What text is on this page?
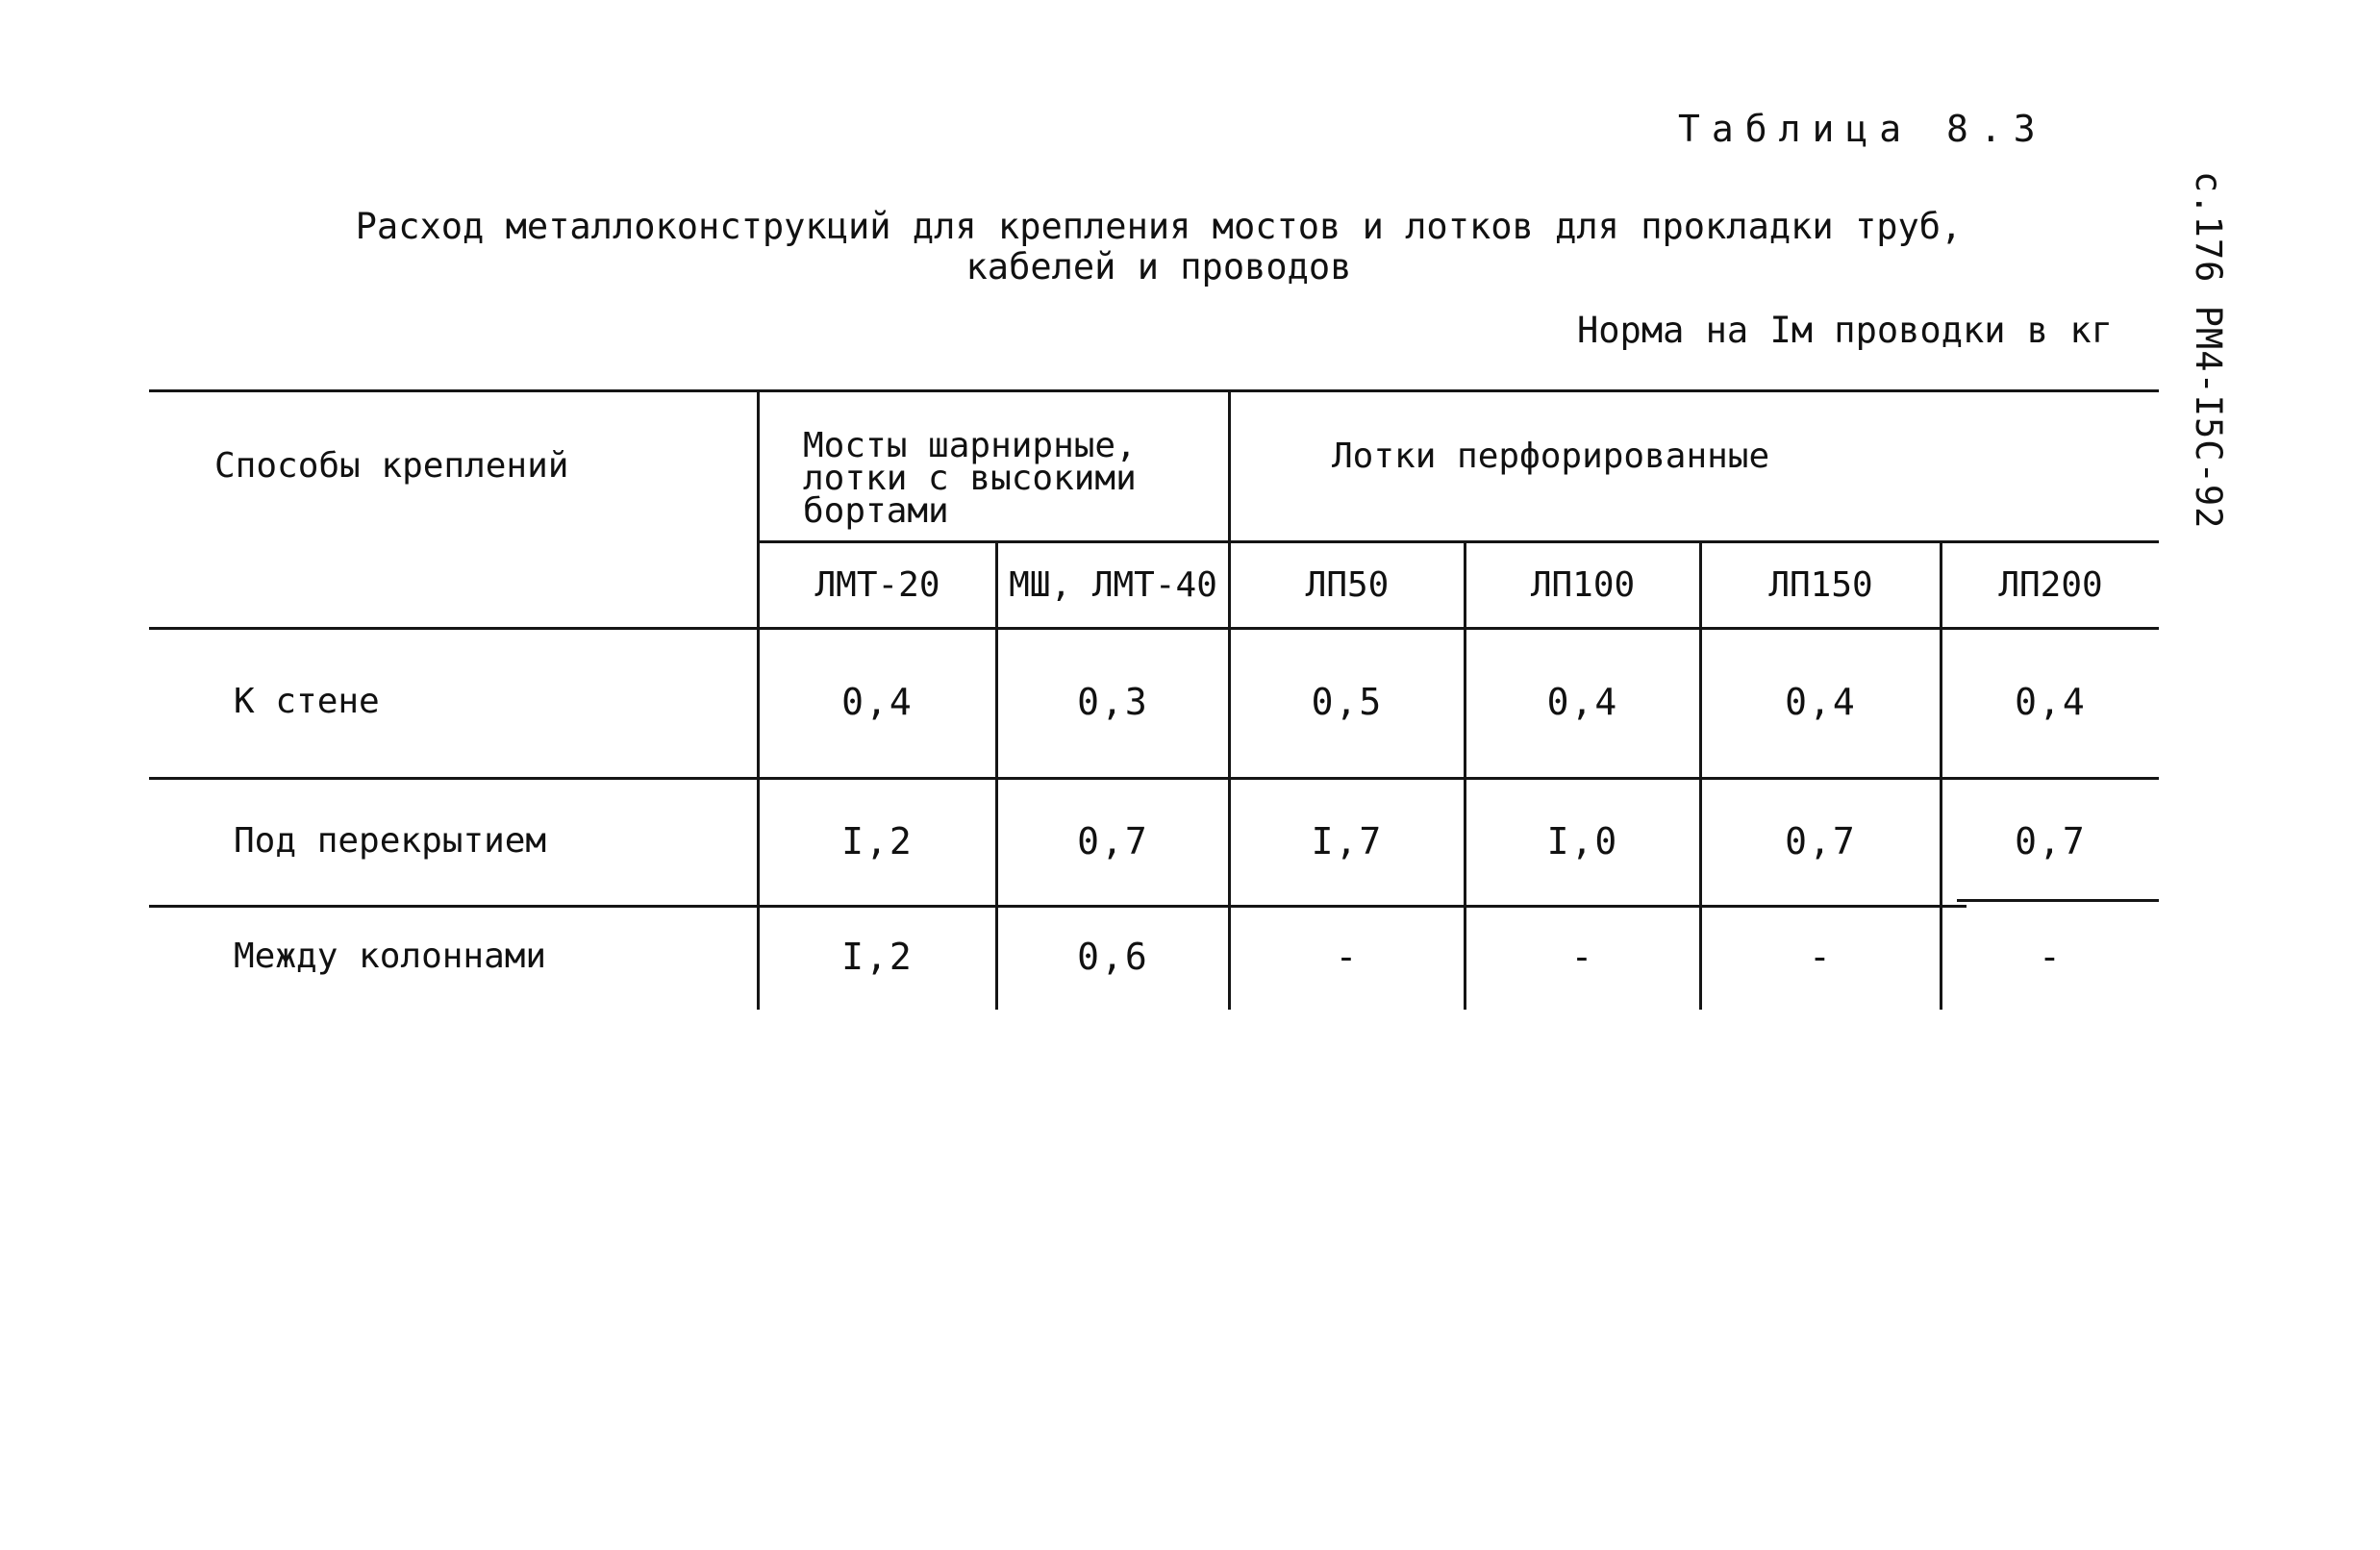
Таблица 8.3
Расход металлоконструкций для крепления мостов и лотков для прокладки труб,
кабелей и проводов
Норма на Iм проводки в кг с.176 РМ4-I5С-92
Способы креплений
Мосты шарнирные, лотки с высокими бортами
Лотки перфорированные
ЛМТ-20	МШ, ЛМТ-40	ЛП50	ЛП100	ЛП150	ЛП200
К стене	0,4	0,3	0,5	0,4	0,4	0,4
Под перекрытием	I,2	0,7	I,7	I,0	0,7	0,7
Между колоннами	I,2	0,6	-	-	-	-
